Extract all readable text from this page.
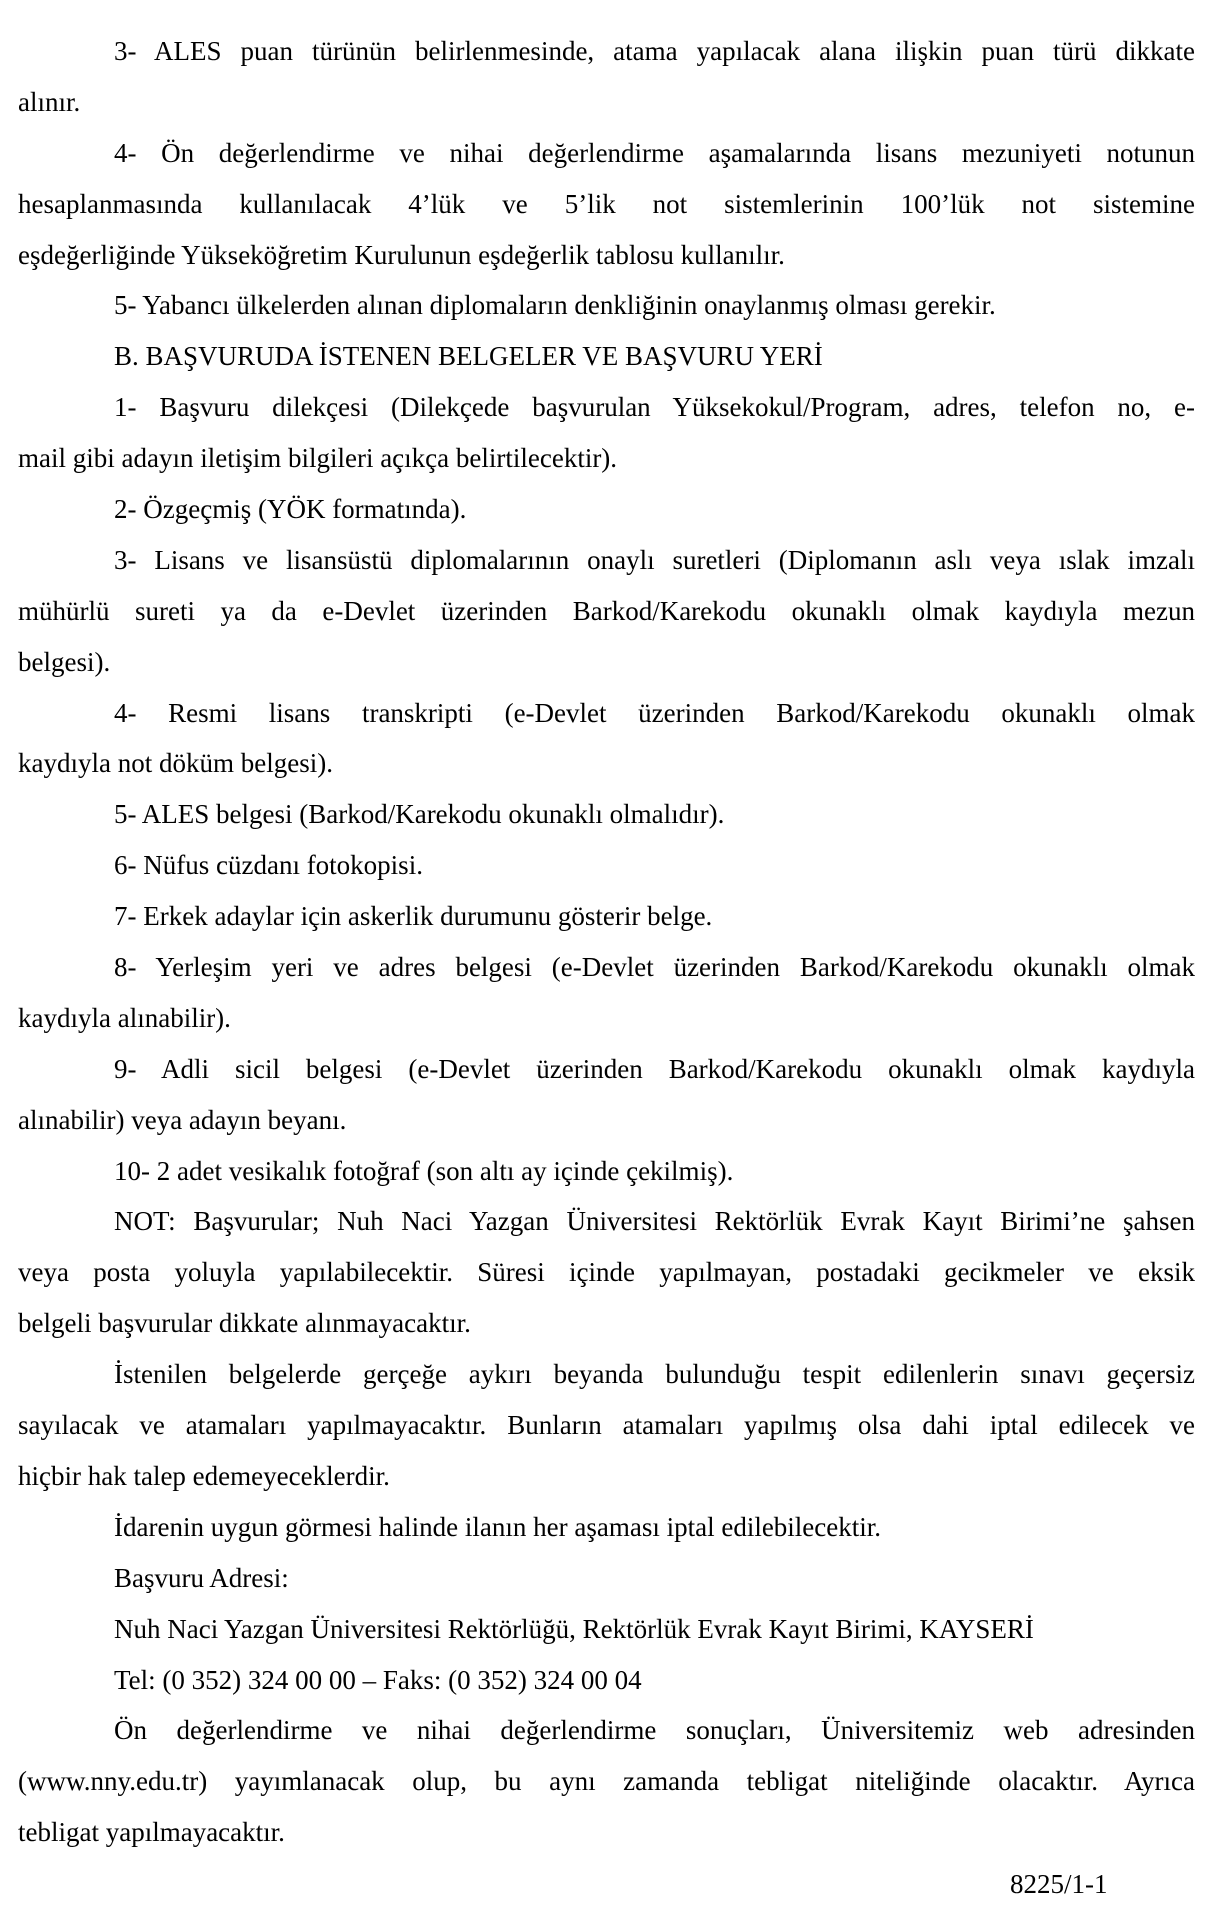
3- ALES puan türünün belirlenmesinde, atama yapılacak alana ilişkin puan türü dikkate
alınır.
4- Ön değerlendirme ve nihai değerlendirme aşamalarında lisans mezuniyeti notunun
hesaplanmasında kullanılacak 4’lük ve 5’lik not sistemlerinin 100’lük not sistemine
eşdeğerliğinde Yükseköğretim Kurulunun eşdeğerlik tablosu kullanılır.
5- Yabancı ülkelerden alınan diplomaların denkliğinin onaylanmış olması gerekir.
B. BAŞVURUDA İSTENEN BELGELER VE BAŞVURU YERİ
1- Başvuru dilekçesi (Dilekçede başvurulan Yüksekokul/Program, adres, telefon no, e-
mail gibi adayın iletişim bilgileri açıkça belirtilecektir).
2- Özgeçmiş (YÖK formatında).
3- Lisans ve lisansüstü diplomalarının onaylı suretleri (Diplomanın aslı veya ıslak imzalı
mühürlü sureti ya da e-Devlet üzerinden Barkod/Karekodu okunaklı olmak kaydıyla mezun
belgesi).
4- Resmi lisans transkripti (e-Devlet üzerinden Barkod/Karekodu okunaklı olmak
kaydıyla not döküm belgesi).
5- ALES belgesi (Barkod/Karekodu okunaklı olmalıdır).
6- Nüfus cüzdanı fotokopisi.
7- Erkek adaylar için askerlik durumunu gösterir belge.
8- Yerleşim yeri ve adres belgesi (e-Devlet üzerinden Barkod/Karekodu okunaklı olmak
kaydıyla alınabilir).
9- Adli sicil belgesi (e-Devlet üzerinden Barkod/Karekodu okunaklı olmak kaydıyla
alınabilir) veya adayın beyanı.
10- 2 adet vesikalık fotoğraf (son altı ay içinde çekilmiş).
NOT: Başvurular; Nuh Naci Yazgan Üniversitesi Rektörlük Evrak Kayıt Birimi’ne şahsen
veya posta yoluyla yapılabilecektir. Süresi içinde yapılmayan, postadaki gecikmeler ve eksik
belgeli başvurular dikkate alınmayacaktır.
İstenilen belgelerde gerçeğe aykırı beyanda bulunduğu tespit edilenlerin sınavı geçersiz
sayılacak ve atamaları yapılmayacaktır. Bunların atamaları yapılmış olsa dahi iptal edilecek ve
hiçbir hak talep edemeyeceklerdir.
İdarenin uygun görmesi halinde ilanın her aşaması iptal edilebilecektir.
Başvuru Adresi:
Nuh Naci Yazgan Üniversitesi Rektörlüğü, Rektörlük Evrak Kayıt Birimi, KAYSERİ
Tel: (0 352) 324 00 00 – Faks: (0 352) 324 00 04
Ön değerlendirme ve nihai değerlendirme sonuçları, Üniversitemiz web adresinden
(www.nny.edu.tr) yayımlanacak olup, bu aynı zamanda tebligat niteliğinde olacaktır. Ayrıca
tebligat yapılmayacaktır.
8225/1-1
